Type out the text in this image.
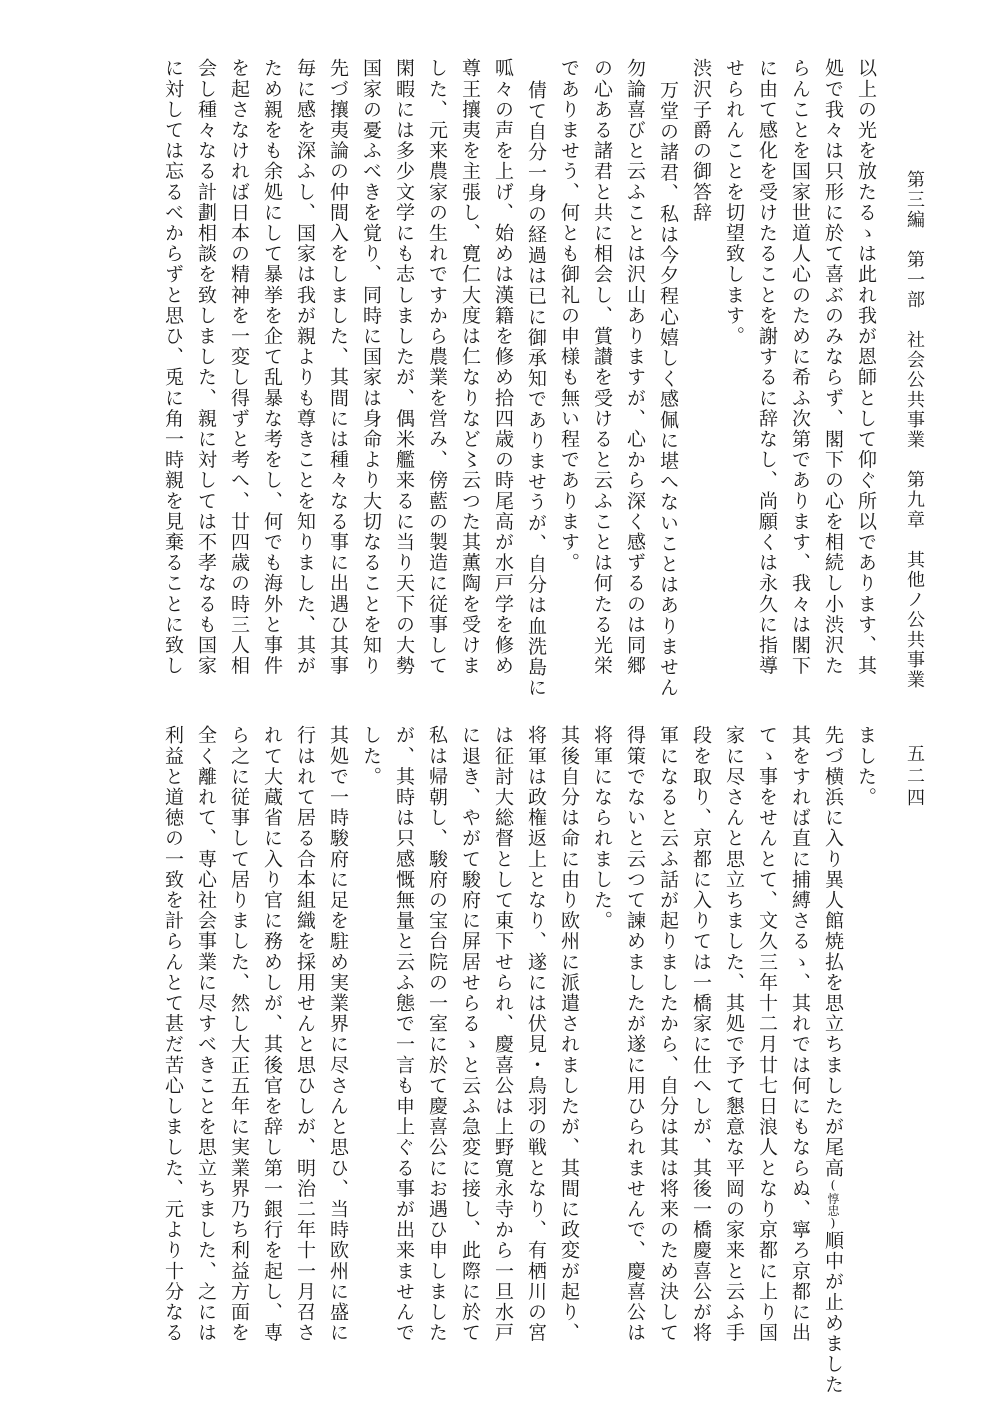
第三編　第一部　社会公共事業　第九章　其他ノ公共事業
五二四
以上の光を放たるゝは此れ我が恩師として仰ぐ所以であります、其
処で我々は只形に於て喜ぶのみならず、閣下の心を相続し小渋沢た
らんことを国家世道人心のために希ふ次第であります、我々は閣下
に由て感化を受けたることを謝するに辞なし、尚願くは永久に指導
せられんことを切望致します。
渋沢子爵の御答辞
万堂の諸君、私は今夕程心嬉しく感佩に堪へないことはありません
勿論喜びと云ふことは沢山ありますが、心から深く感ずるのは同郷
の心ある諸君と共に相会し、賞讃を受けると云ふことは何たる光栄
でありませう、何とも御礼の申様も無い程であります。
倩て自分一身の経過は已に御承知でありませうが、自分は血洗島に
呱々の声を上げ、始めは漢籍を修め拾四歳の時尾高が水戸学を修め
尊王攘夷を主張し、寛仁大度は仁なりなど〻云つた其薫陶を受けま
した、元来農家の生れですから農業を営み、傍藍の製造に従事して
閑暇には多少文学にも志しましたが、偶米艦来るに当り天下の大勢
国家の憂ふべきを覚り、同時に国家は身命より大切なることを知り
先づ攘夷論の仲間入をしました、其間には種々なる事に出遇ひ其事
毎に感を深ふし、国家は我が親よりも尊きことを知りました、其が
ため親をも余処にして暴挙を企て乱暴な考をし、何でも海外と事件
を起さなければ日本の精神を一変し得ずと考へ、廿四歳の時三人相
会し種々なる計劃相談を致しました、親に対しては不孝なるも国家
に対しては忘るべからずと思ひ、兎に角一時親を見棄ることに致し
ました。
先づ横浜に入り異人館焼払を思立ちましたが尾高(惇忠)順中が止めました
其をすれば直に捕縛さるゝ、其れでは何にもならぬ、寧ろ京都に出
てゝ事をせんとて、文久三年十二月廿七日浪人となり京都に上り国
家に尽さんと思立ちました、其処で予て懇意な平岡の家来と云ふ手
段を取り、京都に入りては一橋家に仕へしが、其後一橋慶喜公が将
軍になると云ふ話が起りましたから、自分は其は将来のため決して
得策でないと云つて諫めましたが遂に用ひられませんで、慶喜公は
将軍になられました。
其後自分は命に由り欧州に派遣されましたが、其間に政変が起り、
将軍は政権返上となり、遂には伏見・鳥羽の戦となり、有栖川の宮
は征討大総督として東下せられ、慶喜公は上野寛永寺から一旦水戸
に退き、やがて駿府に屏居せらるゝと云ふ急変に接し、此際に於て
私は帰朝し、駿府の宝台院の一室に於て慶喜公にお遇ひ申しました
が、其時は只感慨無量と云ふ態で一言も申上ぐる事が出来ませんで
した。
其処で一時駿府に足を駐め実業界に尽さんと思ひ、当時欧州に盛に
行はれて居る合本組織を採用せんと思ひしが、明治二年十一月召さ
れて大蔵省に入り官に務めしが、其後官を辞し第一銀行を起し、専
ら之に従事して居りました、然し大正五年に実業界乃ち利益方面を
全く離れて、専心社会事業に尽すべきことを思立ちました、之には
利益と道徳の一致を計らんとて甚だ苦心しました、元より十分なる
